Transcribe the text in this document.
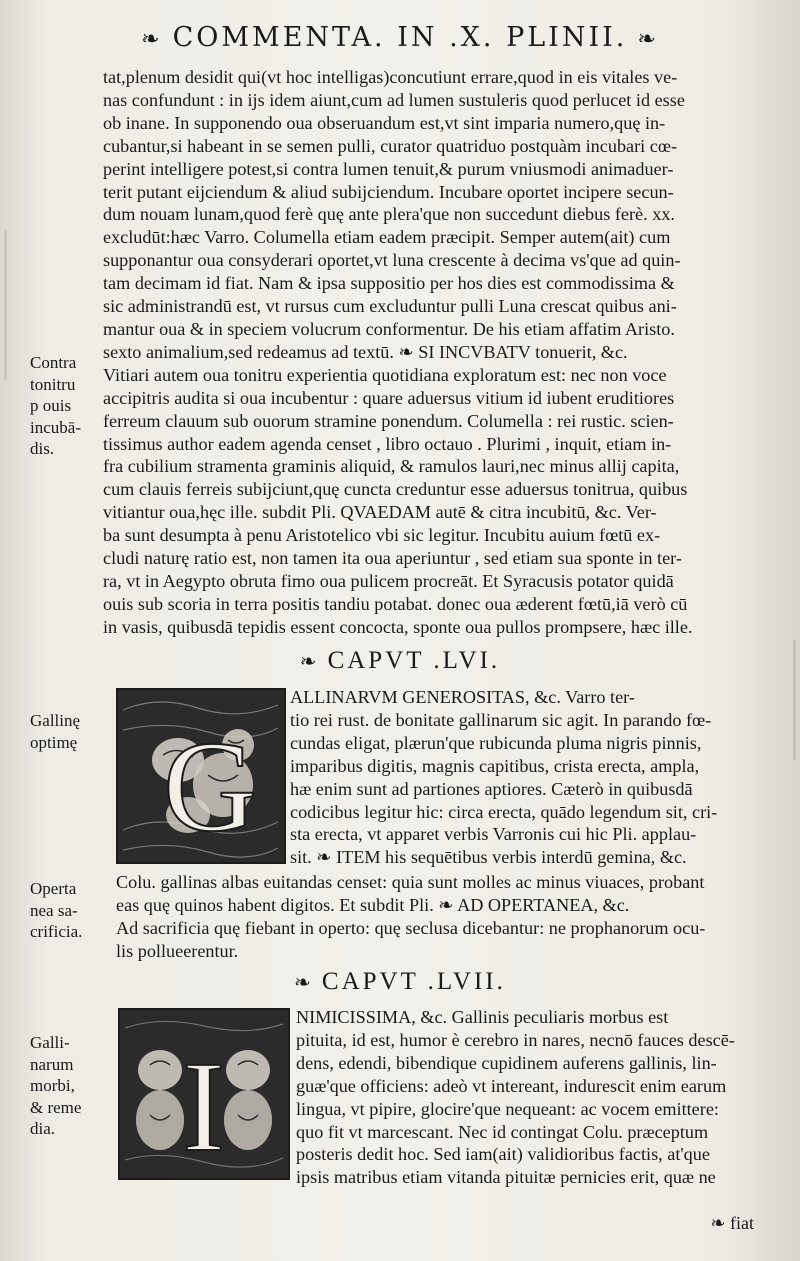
❧ COMMENTA. IN .X. PLINII. ❧

tat,plenum desidit qui(vt hoc intelligas)concutiunt errare,quod in eis vitales ve-

nas confundunt : in ijs idem aiunt,cum ad lumen sustuleris quod perlucet id esse

ob inane. In supponendo oua obseruandum est,vt sint imparia numero,quę in-

cubantur,si habeant in se semen pulli, curator quatriduo postquàm incubari cœ-

perint intelligere potest,si contra lumen tenuit,& purum vniusmodi animaduer-

terit putant eijciendum & aliud subijciendum. Incubare oportet incipere secun-

dum nouam lunam,quod ferè quę ante plera'que non succedunt diebus ferè. xx.

excludūt:hæc Varro. Columella etiam eadem præcipit. Semper autem(ait) cum

supponantur oua consyderari oportet,vt luna crescente à decima vs'que ad quin-

tam decimam id fiat. Nam & ipsa suppositio per hos dies est commodissima &

sic administrandū est, vt rursus cum excluduntur pulli Luna crescat quibus ani-

mantur oua & in speciem volucrum conformentur. De his etiam affatim Aristo.

sexto animalium,sed redeamus ad textū. ❧ SI INCVBATV tonuerit, &c.

Vitiari autem oua tonitru experientia quotidiana exploratum est: nec non voce

accipitris audita si oua incubentur : quare aduersus vitium id iubent eruditiores

ferreum clauum sub ouorum stramine ponendum. Columella : rei rustic. scien-

tissimus author eadem agenda censet , libro octauo . Plurimi , inquit, etiam in-

fra cubilium stramenta graminis aliquid, & ramulos lauri,nec minus allij capita,

cum clauis ferreis subijciunt,quę cuncta creduntur esse aduersus tonitrua, quibus

vitiantur oua,hęc ille. subdit Pli. QVAEDAM autē & citra incubitū, &c. Ver-

ba sunt desumpta à penu Aristotelico vbi sic legitur. Incubitu auium fœtū ex-

cludi naturę ratio est, non tamen ita oua aperiuntur , sed etiam sua sponte in ter-

ra, vt in Aegypto obruta fimo oua pulicem procreāt. Et Syracusis potator quidā

ouis sub scoria in terra positis tandiu potabat. donec oua æderent fœtū,iā verò cū

in vasis, quibusdā tepidis essent concocta, sponte oua pullos prompsere, hæc ille.

Contra
tonitru
p ouis
incubā-
dis.
Gallinę
optimę
Operta
nea sa-
crificia.
Galli-
narum
morbi,
& reme
dia.
❧ CAPVT .LVI.
G
ALLINARVM GENEROSITAS, &c. Varro ter-
tio rei rust. de bonitate gallinarum sic agit. In parando fœ-
cundas eligat, plærun'que rubicunda pluma nigris pinnis,
imparibus digitis, magnis capitibus, crista erecta, ampla,
hæ enim sunt ad partiones aptiores. Cæterò in quibusdā
codicibus legitur hic: circa erecta, quādo legendum sit, cri-
sta erecta, vt apparet verbis Varronis cui hic Pli. applau-
sit. ❧ ITEM his sequētibus verbis interdū gemina, &c.
Colu. gallinas albas euitandas censet: quia sunt molles ac minus viuaces, probant
eas quę quinos habent digitos. Et subdit Pli. ❧ AD OPERTANEA, &c.
Ad sacrificia quę fiebant in operto: quę seclusa dicebantur: ne prophanorum ocu-
lis pollueerentur.
❧ CAPVT .LVII.
I
NIMICISSIMA, &c. Gallinis peculiaris morbus est
pituita, id est, humor è cerebro in nares, necnō fauces descē-
dens, edendi, bibendique cupidinem auferens gallinis, lin-
guæ'que officiens: adeò vt intereant, indurescit enim earum
lingua, vt pipire, glocire'que nequeant: ac vocem emittere:
quo fit vt marcescant. Nec id contingat Colu. præceptum
posteris dedit hoc. Sed iam(ait) validioribus factis, at'que
ipsis matribus etiam vitanda pituitæ pernicies erit, quæ ne
❧ fiat
